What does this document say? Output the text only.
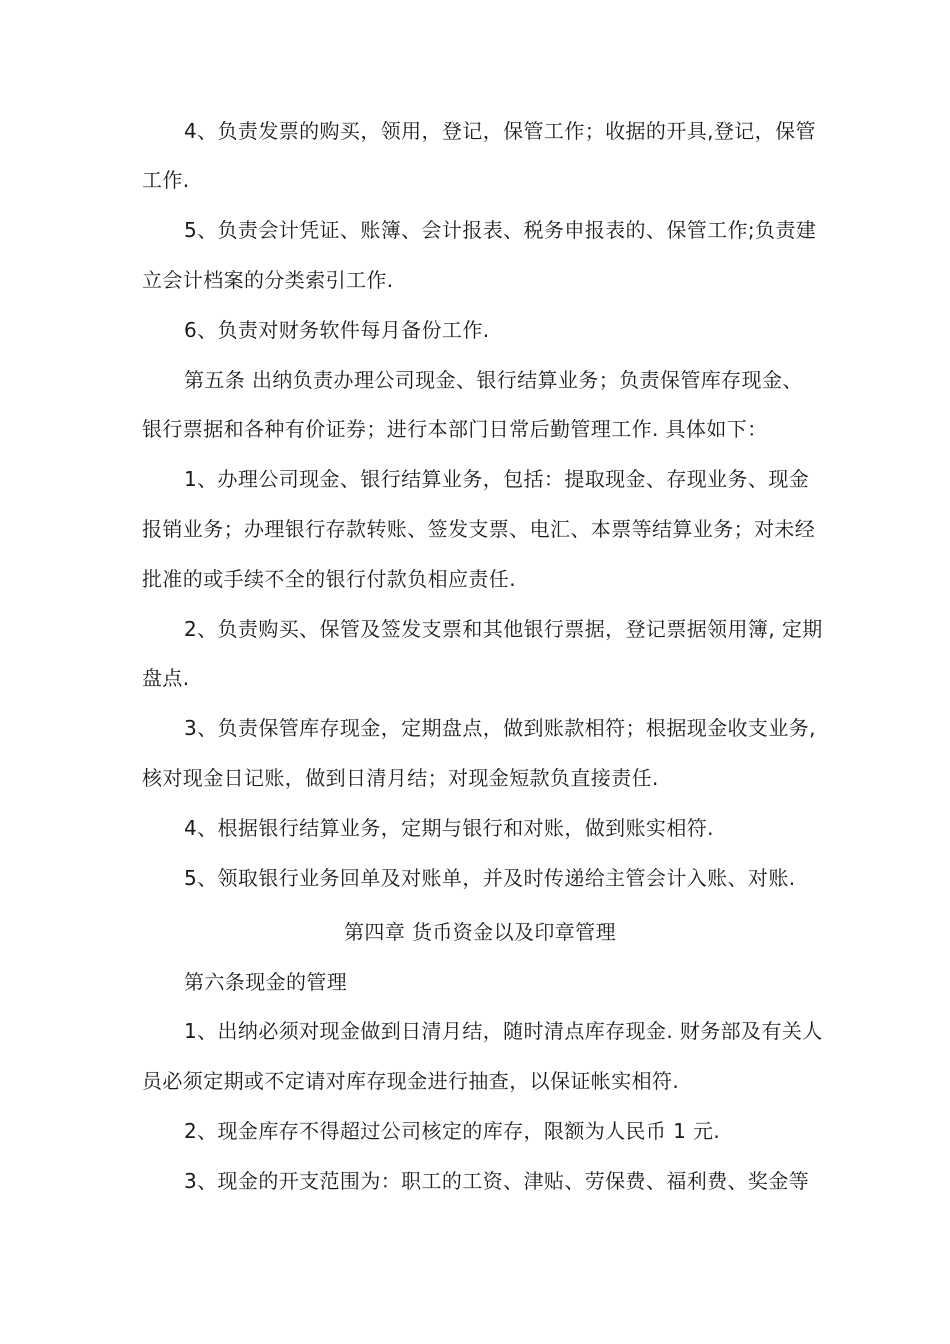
4、负责发票的购买，领用，登记，保管工作；收据的开具,登记，保管
工作.
5、负责会计凭证、账簿、会计报表、税务申报表的、保管工作;负责建
立会计档案的分类索引工作.
6、负责对财务软件每月备份工作.
第五条 出纳负责办理公司现金、银行结算业务；负责保管库存现金、
银行票据和各种有价证券；进行本部门日常后勤管理工作. 具体如下：
1、办理公司现金、银行结算业务，包括：提取现金、存现业务、现金
报销业务；办理银行存款转账、签发支票、电汇、本票等结算业务；对未经
批准的或手续不全的银行付款负相应责任.
2、负责购买、保管及签发支票和其他银行票据，登记票据领用簿, 定期
盘点.
3、负责保管库存现金，定期盘点，做到账款相符；根据现金收支业务,
核对现金日记账，做到日清月结；对现金短款负直接责任.
4、根据银行结算业务，定期与银行和对账，做到账实相符.
5、领取银行业务回单及对账单，并及时传递给主管会计入账、对账.
第四章 货币资金以及印章管理
第六条现金的管理
1、出纳必须对现金做到日清月结，随时清点库存现金. 财务部及有关人
员必须定期或不定请对库存现金进行抽查，以保证帐实相符.
2、现金库存不得超过公司核定的库存，限额为人民币 1 元.
3、现金的开支范围为：职工的工资、津贴、劳保费、福利费、奖金等
